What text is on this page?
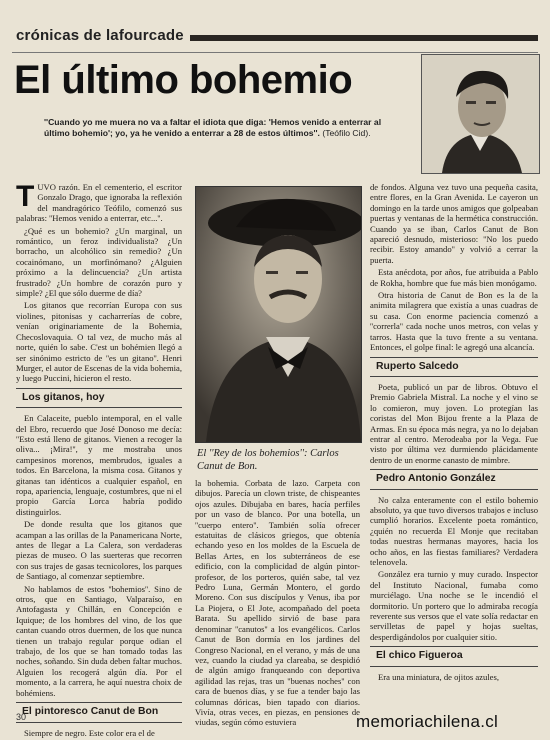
crónicas de lafourcade
El último bohemio
''Cuando yo me muera no va a faltar el idiota que diga: 'Hemos venido a enterrar al último bohemio'; yo, ya he venido a enterrar a 28 de estos últimos''. (Teófilo Cid).

TUVO razón. En el cementerio, el escritor Gonzalo Drago, que ignoraba la reflexión del mandragórico Teófilo, comenzó sus palabras: ''Hemos venido a enterrar, etc...''.

¿Qué es un bohemio? ¿Un marginal, un romántico, un feroz individualista? ¿Un borracho, un alcohólico sin remedio? ¿Un cocainómano, un morfinómano? ¿Alguien próximo a la delincuencia? ¿Un artista frustrado? ¿Un hombre de corazón puro y simple? ¿El que sólo duerme de día?

Los gitanos que recorrían Europa con sus violines, pitonisas y cacharrerías de cobre, venían originariamente de la Bohemia, Checoslovaquia. O tal vez, de mucho más al norte, quién lo sabe. C'est un bohémien llegó a ser sinónimo estricto de ''es un gitano''. Henri Murger, el autor de Escenas de la vida bohemia, y luego Puccini, hicieron el resto.

Los gitanos, hoy

En Calaceite, pueblo intemporal, en el valle del Ebro, recuerdo que José Donoso me decía: ''Esto está lleno de gitanos. Vienen a recoger la oliva... ¡Mira!'', y me mostraba unos campesinos morenos, membrudos, iguales a todos. En Barcelona, la misma cosa. Gitanos y gitanas tan idénticos a cualquier español, en ropa, apariencia, lenguaje, costumbres, que ni el propio García Lorca habría podido distinguirlos.

De donde resulta que los gitanos que acampan a las orillas de la Panamericana Norte, antes de llegar a La Calera, son verdaderas piezas de museo. O las suerteras que recorren con sus trajes de gasas tecnicolores, los parques de Santiago, al comenzar septiembre.

No hablamos de estos ''bohemios''. Sino de otros, que en Santiago, Valparaíso, en Antofagasta y Chillán, en Concepción e Iquique; de los hombres del vino, de los que cantan cuando otros duermen, de los que nunca tienen un trabajo regular porque odian el trabajo, de los que se han tomado todas las noches, soñando. Sin duda deben faltar muchos. Alguien los recogerá algún día. Por el momento, a la carrera, he aquí nuestra choix de bohémiens.

El pintoresco Canut de Bon

Siempre de negro. Este color era el de

El ''Rey de los bohemios'': Carlos Canut de Bon.

la bohemia. Corbata de lazo. Carpeta con dibujos. Parecía un clown triste, de chispeantes ojos azules. Dibujaba en bares, hacía perfiles por un vaso de blanco. Por una botella, un ''cuerpo entero''. También solía ofrecer estatuitas de clásicos griegos, que obtenía echando yeso en los moldes de la Escuela de Bellas Artes, en los subterráneos de ese edificio, con la complicidad de algún pintor-profesor, de los porteros, quién sabe, tal vez Pedro Luna, Germán Montero, el gordo Moreno. Con sus discípulos y Venus, iba por La Piojera, o El Jote, acompañado del poeta Barata. Su apellido sirvió de base para denominar ''canutos'' a los evangélicos. Carlos Canut de Bon dormía en los jardines del Congreso Nacional, en el verano, y más de una vez, cuando la ciudad ya clareaba, se despidió de algún amigo franqueando con deportiva agilidad las rejas, tras un ''buenas noches'' con cara de buenos días, y se fue a tender bajo las columnas dóricas, bien tapado con diarios. Vivía, otras veces, en piezas, en pensiones de viudas, según cómo estuviera

de fondos. Alguna vez tuvo una pequeña casita, entre flores, en la Gran Avenida. Le cayeron un domingo en la tarde unos amigos que golpeaban puertas y ventanas de la hermética construcción. Cuando ya se iban, Carlos Canut de Bon apareció desnudo, misterioso: ''No los puedo recibir. Estoy amando'' y volvió a cerrar la puerta.

Esta anécdota, por años, fue atribuida a Pablo de Rokha, hombre que fue más bien monógamo.

Otra historia de Canut de Bon es la de la animita milagrera que existía a unas cuadras de su casa. Con enorme paciencia comenzó a ''correrla'' cada noche unos metros, con velas y tarros. Hasta que la tuvo frente a su ventana. Entonces, el golpe final: le agregó una alcancía.

Ruperto Salcedo

Poeta, publicó un par de libros. Obtuvo el Premio Gabriela Mistral. La noche y el vino se lo comieron, muy joven. Lo protegían las coristas del Mon Bijou frente a la Plaza de Armas. En su época más negra, ya no lo dejaban entrar al centro. Merodeaba por la Vega. Fue visto por última vez durmiendo plácidamente dentro de un enorme canasto de mimbre.

Pedro Antonio González

No calza enteramente con el estilo bohemio absoluto, ya que tuvo diversos trabajos e incluso cumplió horarios. Excelente poeta romántico, ¿quién no recuerda El Monje que recitaban todas nuestras hermanas mayores, hacia los ocho años, en las fiestas familiares? Verdadera telenovela.

González era turnio y muy curado. Inspector del Instituto Nacional, fumaba como murciélago. Una noche se le incendió el dormitorio. Un portero que lo admiraba recogía reverente sus versos que el vate solía redactar en servilletas de papel y hojas sueltas, desperdigándolos por cualquier sitio.

El chico Figueroa

Era una miniatura, de ojitos azules,

30	memoriachilena.cl
